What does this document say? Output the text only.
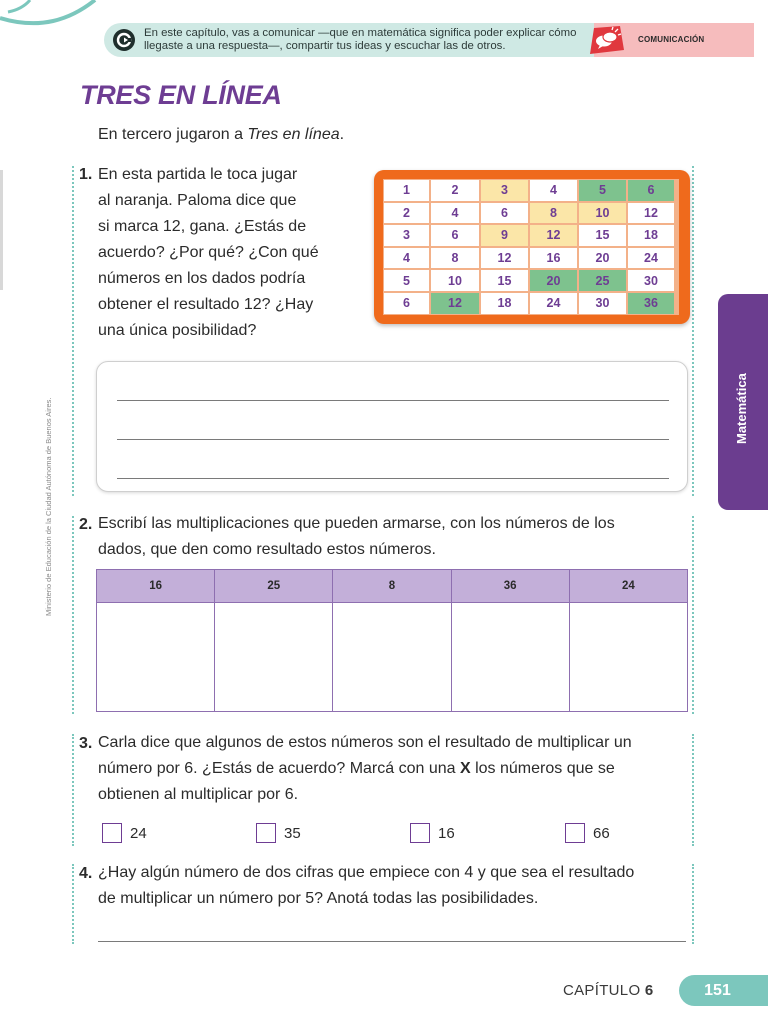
En este capítulo, vas a comunicar —que en matemática significa poder explicar cómo llegaste a una respuesta—, compartir tus ideas y escuchar las de otros.
COMUNICACIÓN
TRES EN LÍNEA

En tercero jugaron a Tres en línea.

1. En esta partida le toca jugar
al naranja. Paloma dice que
si marca 12, gana. ¿Estás de
acuerdo? ¿Por qué? ¿Con qué
números en los dados podría
obtener el resultado 12? ¿Hay
una única posibilidad?
1	2	3	4	5	6
2	4	6	8	10	12
3	6	9	12	15	18
4	8	12	16	20	24
5	10	15	20	25	30
6	12	18	24	30	36
2. Escribí las multiplicaciones que pueden armarse, con los números de los
dados, que den como resultado estos números.
16	25	8	36	24

3. Carla dice que algunos de estos números son el resultado de multiplicar un
número por 6. ¿Estás de acuerdo? Marcá con una X los números que se
obtienen al multiplicar por 6.
24	35	16	66
4. ¿Hay algún número de dos cifras que empiece con 4 y que sea el resultado
de multiplicar un número por 5? Anotá todas las posibilidades.
Matemática
Ministerio de Educación de la Ciudad Autónoma de Buenos Aires.
CAPÍTULO 6	151
